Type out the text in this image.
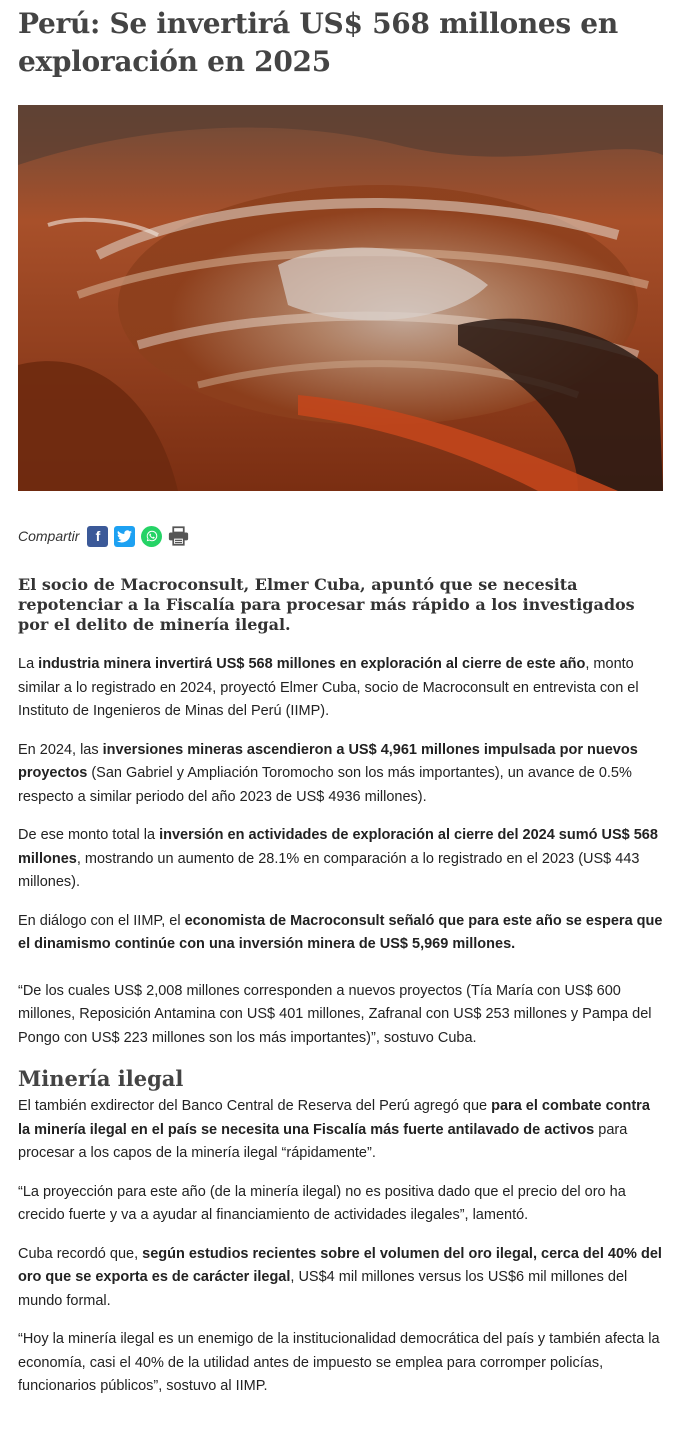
Perú: Se invertirá US$ 568 millones en exploración en 2025
Compartir	f

El socio de Macroconsult, Elmer Cuba, apuntó que se necesita repotenciar a la Fiscalía para procesar más rápido a los investigados por el delito de minería ilegal.

La industria minera invertirá US$ 568 millones en exploración al cierre de este año, monto similar a lo registrado en 2024, proyectó Elmer Cuba, socio de Macroconsult en entrevista con el Instituto de Ingenieros de Minas del Perú (IIMP).

En 2024, las inversiones mineras ascendieron a US$ 4,961 millones impulsada por nuevos proyectos (San Gabriel y Ampliación Toromocho son los más importantes), un avance de 0.5% respecto a similar periodo del año 2023 de US$ 4936 millones).

De ese monto total la inversión en actividades de exploración al cierre del 2024 sumó US$ 568 millones, mostrando un aumento de 28.1% en comparación a lo registrado en el 2023 (US$ 443 millones).

En diálogo con el IIMP, el economista de Macroconsult señaló que para este año se espera que el dinamismo continúe con una inversión minera de US$ 5,969 millones.

“De los cuales US$ 2,008 millones corresponden a nuevos proyectos (Tía María con US$ 600 millones, Reposición Antamina con US$ 401 millones, Zafranal con US$ 253 millones y Pampa del Pongo con US$ 223 millones son los más importantes)”, sostuvo Cuba.

Minería ilegal

El también exdirector del Banco Central de Reserva del Perú agregó que para el combate contra la minería ilegal en el país se necesita una Fiscalía más fuerte antilavado de activos para procesar a los capos de la minería ilegal “rápidamente”.

“La proyección para este año (de la minería ilegal) no es positiva dado que el precio del oro ha crecido fuerte y va a ayudar al financiamiento de actividades ilegales”, lamentó.

Cuba recordó que, según estudios recientes sobre el volumen del oro ilegal, cerca del 40% del oro que se exporta es de carácter ilegal, US$4 mil millones versus los US$6 mil millones del mundo formal.

“Hoy la minería ilegal es un enemigo de la institucionalidad democrática del país y también afecta la economía, casi el 40% de la utilidad antes de impuesto se emplea para corromper policías, funcionarios públicos”, sostuvo al IIMP.
